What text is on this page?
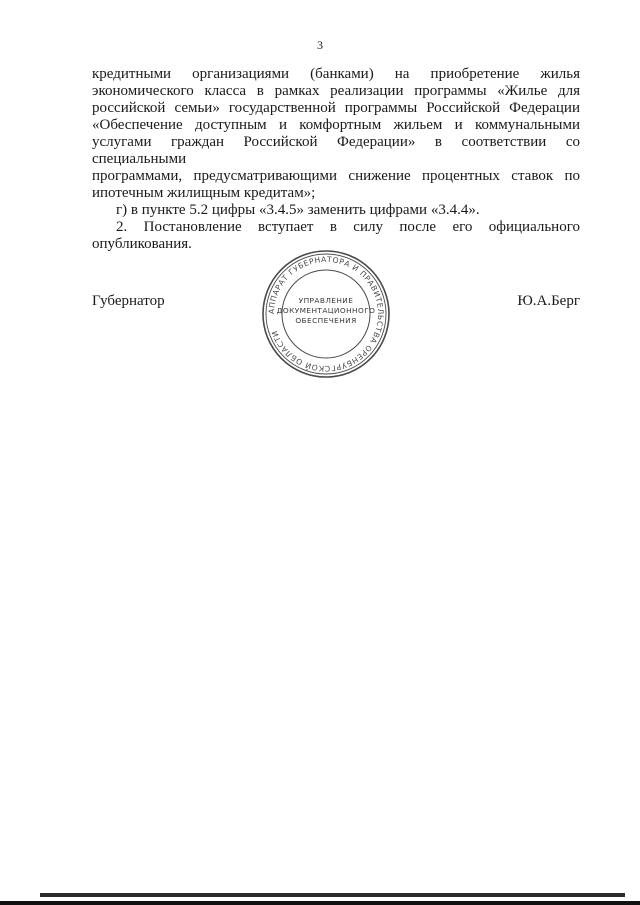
3

кредитными организациями (банками) на приобретение жилья

экономического класса в рамках реализации программы «Жилье для

российской семьи» государственной программы Российской Федерации

«Обеспечение доступным и комфортным жильем и коммунальными

услугами граждан Российской Федерации» в соответствии со специальными

программами, предусматривающими снижение процентных ставок по

ипотечным жилищным кредитам»;

г) в пункте 5.2 цифры «3.4.5» заменить цифрами «3.4.4».

2. Постановление вступает в силу после его официального

опубликования.

Губернатор
АППАРАТ ГУБЕРНАТОРА И ПРАВИТЕЛЬСТВА ОРЕНБУРГСКОЙ ОБЛАСТИ
УПРАВЛЕНИЕ
ДОКУМЕНТАЦИОННОГО
ОБЕСПЕЧЕНИЯ
Ю.А.Берг
